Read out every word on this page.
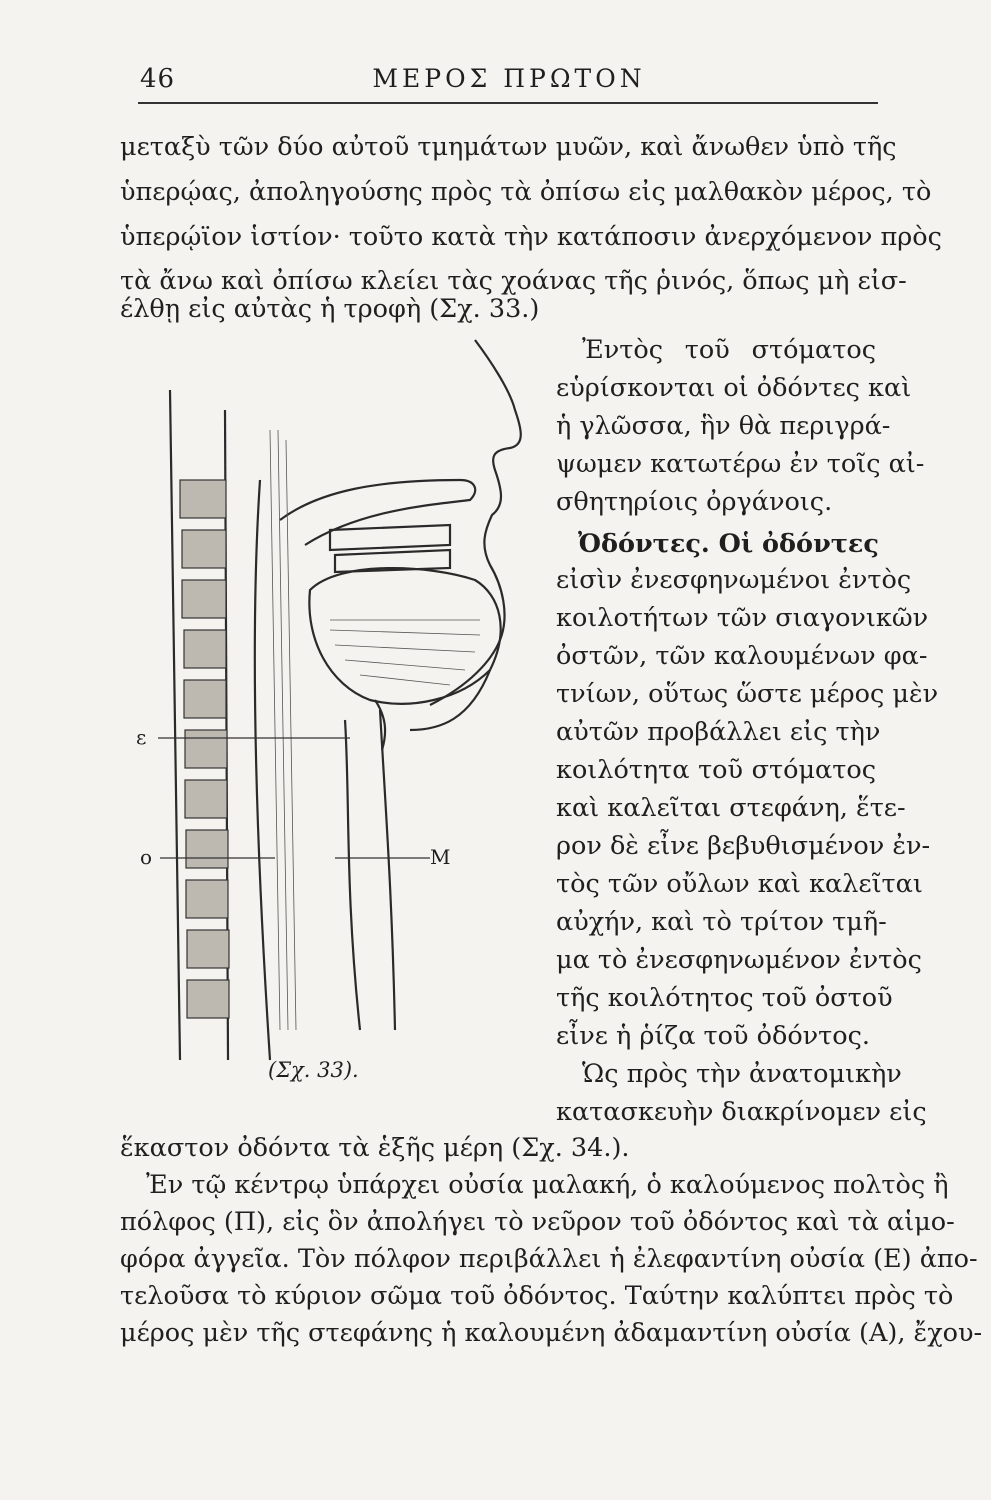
46	ΜΕΡΟΣ ΠΡΩΤΟΝ
μεταξὺ τῶν δύο αὐτοῦ τμημάτων μυῶν, καὶ ἄνωθεν ὑπὸ τῆς
ὑπερῴας, ἀποληγούσης πρὸς τὰ ὀπίσω εἰς μαλθακὸν μέρος, τὸ
ὑπερῴϊον ἱστίον· τοῦτο κατὰ τὴν κατάποσιν ἀνερχόμενον πρὸς
τὰ ἄνω καὶ ὀπίσω κλείει τὰς χοάνας τῆς ῥινός, ὅπως μὴ εἰσ-
έλθῃ εἰς αὐτὰς ἡ τροφὴ (Σχ. 33.)
ε
ο	Μ
(Σχ. 33).
Ἐντὸς τοῦ στόματος
εὑρίσκονται οἱ ὀδόντες καὶ
ἡ γλῶσσα, ἣν θὰ περιγρά-
ψωμεν κατωτέρω ἐν τοῖς αἰ-
σθητηρίοις ὀργάνοις.
Ὀδόντες. Οἱ ὀδόντες
εἰσὶν ἐνεσφηνωμένοι ἐντὸς
κοιλοτήτων τῶν σιαγονικῶν
ὀστῶν, τῶν καλουμένων φα-
τνίων, οὕτως ὥστε μέρος μὲν
αὐτῶν προβάλλει εἰς τὴν
κοιλότητα τοῦ στόματος
καὶ καλεῖται στεφάνη, ἕτε-
ρον δὲ εἶνε βεβυθισμένον ἐν-
τὸς τῶν οὔλων καὶ καλεῖται
αὐχήν, καὶ τὸ τρίτον τμῆ-
μα τὸ ἐνεσφηνωμένον ἐντὸς
τῆς κοιλότητος τοῦ ὀστοῦ
εἶνε ἡ ῥίζα τοῦ ὀδόντος.
Ὡς πρὸς τὴν ἀνατομικὴν
κατασκευὴν διακρίνομεν εἰς
ἕκαστον ὀδόντα τὰ ἑξῆς μέρη (Σχ. 34.).
Ἐν τῷ κέντρῳ ὑπάρχει οὐσία μαλακή, ὁ καλούμενος πολτὸς ἢ
πόλφος (Π), εἰς ὃν ἀπολήγει τὸ νεῦρον τοῦ ὀδόντος καὶ τὰ αἱμο-
φόρα ἀγγεῖα. Τὸν πόλφον περιβάλλει ἡ ἐλεφαντίνη οὐσία (Ε) ἀπο-
τελοῦσα τὸ κύριον σῶμα τοῦ ὀδόντος. Ταύτην καλύπτει πρὸς τὸ
μέρος μὲν τῆς στεφάνης ἡ καλουμένη ἀδαμαντίνη οὐσία (Α), ἔχου-
